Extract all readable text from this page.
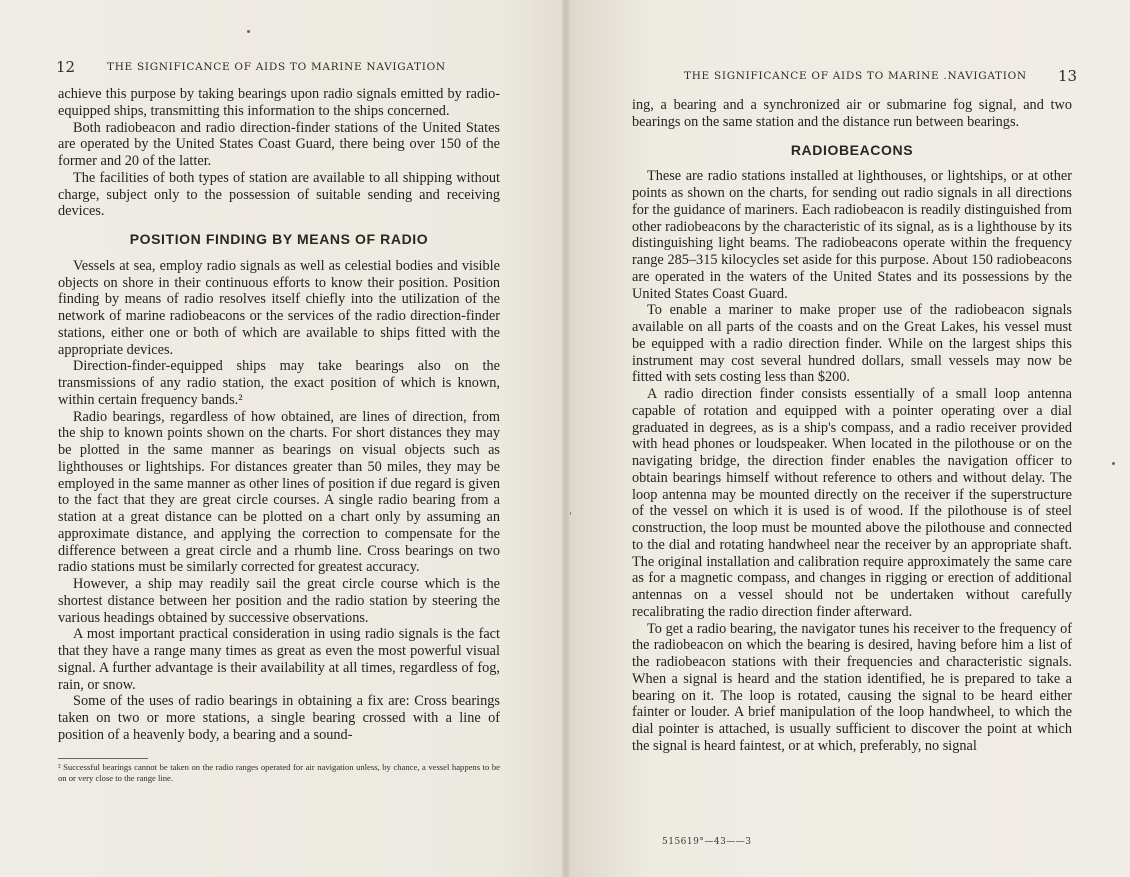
12	THE SIGNIFICANCE OF AIDS TO MARINE NAVIGATION

achieve this purpose by taking bearings upon radio signals emitted by radio-equipped ships, transmitting this information to the ships concerned.

Both radiobeacon and radio direction-finder stations of the United States are operated by the United States Coast Guard, there being over 150 of the former and 20 of the latter.

The facilities of both types of station are available to all shipping without charge, subject only to the possession of suitable sending and receiving devices.

POSITION FINDING BY MEANS OF RADIO

Vessels at sea, employ radio signals as well as celestial bodies and visible objects on shore in their continuous efforts to know their position. Position finding by means of radio resolves itself chiefly into the utilization of the network of marine radiobeacons or the services of the radio direction-finder stations, either one or both of which are available to ships fitted with the appropriate devices.

Direction-finder-equipped ships may take bearings also on the transmissions of any radio station, the exact position of which is known, within certain frequency bands.²

Radio bearings, regardless of how obtained, are lines of direction, from the ship to known points shown on the charts. For short distances they may be plotted in the same manner as bearings on visual objects such as lighthouses or lightships. For distances greater than 50 miles, they may be employed in the same manner as other lines of position if due regard is given to the fact that they are great circle courses. A single radio bearing from a station at a great distance can be plotted on a chart only by assuming an approximate distance, and applying the correction to compensate for the difference between a great circle and a rhumb line. Cross bearings on two radio stations must be similarly corrected for greatest accuracy.

However, a ship may readily sail the great circle course which is the shortest distance between her position and the radio station by steering the various headings obtained by successive observations.

A most important practical consideration in using radio signals is the fact that they have a range many times as great as even the most powerful visual signal. A further advantage is their availability at all times, regardless of fog, rain, or snow.

Some of the uses of radio bearings in obtaining a fix are: Cross bearings taken on two or more stations, a single bearing crossed with a line of position of a heavenly body, a bearing and a sound-

² Successful bearings cannot be taken on the radio ranges operated for air navigation unless, by chance, a vessel happens to be on or very close to the range line.
THE SIGNIFICANCE OF AIDS TO MARINE .NAVIGATION 13

ing, a bearing and a synchronized air or submarine fog signal, and two bearings on the same station and the distance run between bearings.

RADIOBEACONS

These are radio stations installed at lighthouses, or lightships, or at other points as shown on the charts, for sending out radio signals in all directions for the guidance of mariners. Each radiobeacon is readily distinguished from other radiobeacons by the characteristic of its signal, as is a lighthouse by its distinguishing light beams. The radiobeacons operate within the frequency range 285–315 kilocycles set aside for this purpose. About 150 radiobeacons are operated in the waters of the United States and its possessions by the United States Coast Guard.

To enable a mariner to make proper use of the radiobeacon signals available on all parts of the coasts and on the Great Lakes, his vessel must be equipped with a radio direction finder. While on the largest ships this instrument may cost several hundred dollars, small vessels may now be fitted with sets costing less than $200.

A radio direction finder consists essentially of a small loop antenna capable of rotation and equipped with a pointer operating over a dial graduated in degrees, as is a ship's compass, and a radio receiver provided with head phones or loudspeaker. When located in the pilothouse or on the navigating bridge, the direction finder enables the navigation officer to obtain bearings himself without reference to others and without delay. The loop antenna may be mounted directly on the receiver if the superstructure of the vessel on which it is used is of wood. If the pilothouse is of steel construction, the loop must be mounted above the pilothouse and connected to the dial and rotating handwheel near the receiver by an appropriate shaft. The original installation and calibration require approximately the same care as for a magnetic compass, and changes in rigging or erection of additional antennas on a vessel should not be undertaken without carefully recalibrating the radio direction finder afterward.

To get a radio bearing, the navigator tunes his receiver to the frequency of the radiobeacon on which the bearing is desired, having before him a list of the radiobeacon stations with their frequencies and characteristic signals. When a signal is heard and the station identified, he is prepared to take a bearing on it. The loop is rotated, causing the signal to be heard either fainter or louder. A brief manipulation of the loop handwheel, to which the dial pointer is attached, is usually sufficient to discover the point at which the signal is heard faintest, or at which, preferably, no signal

515619°—43——3
